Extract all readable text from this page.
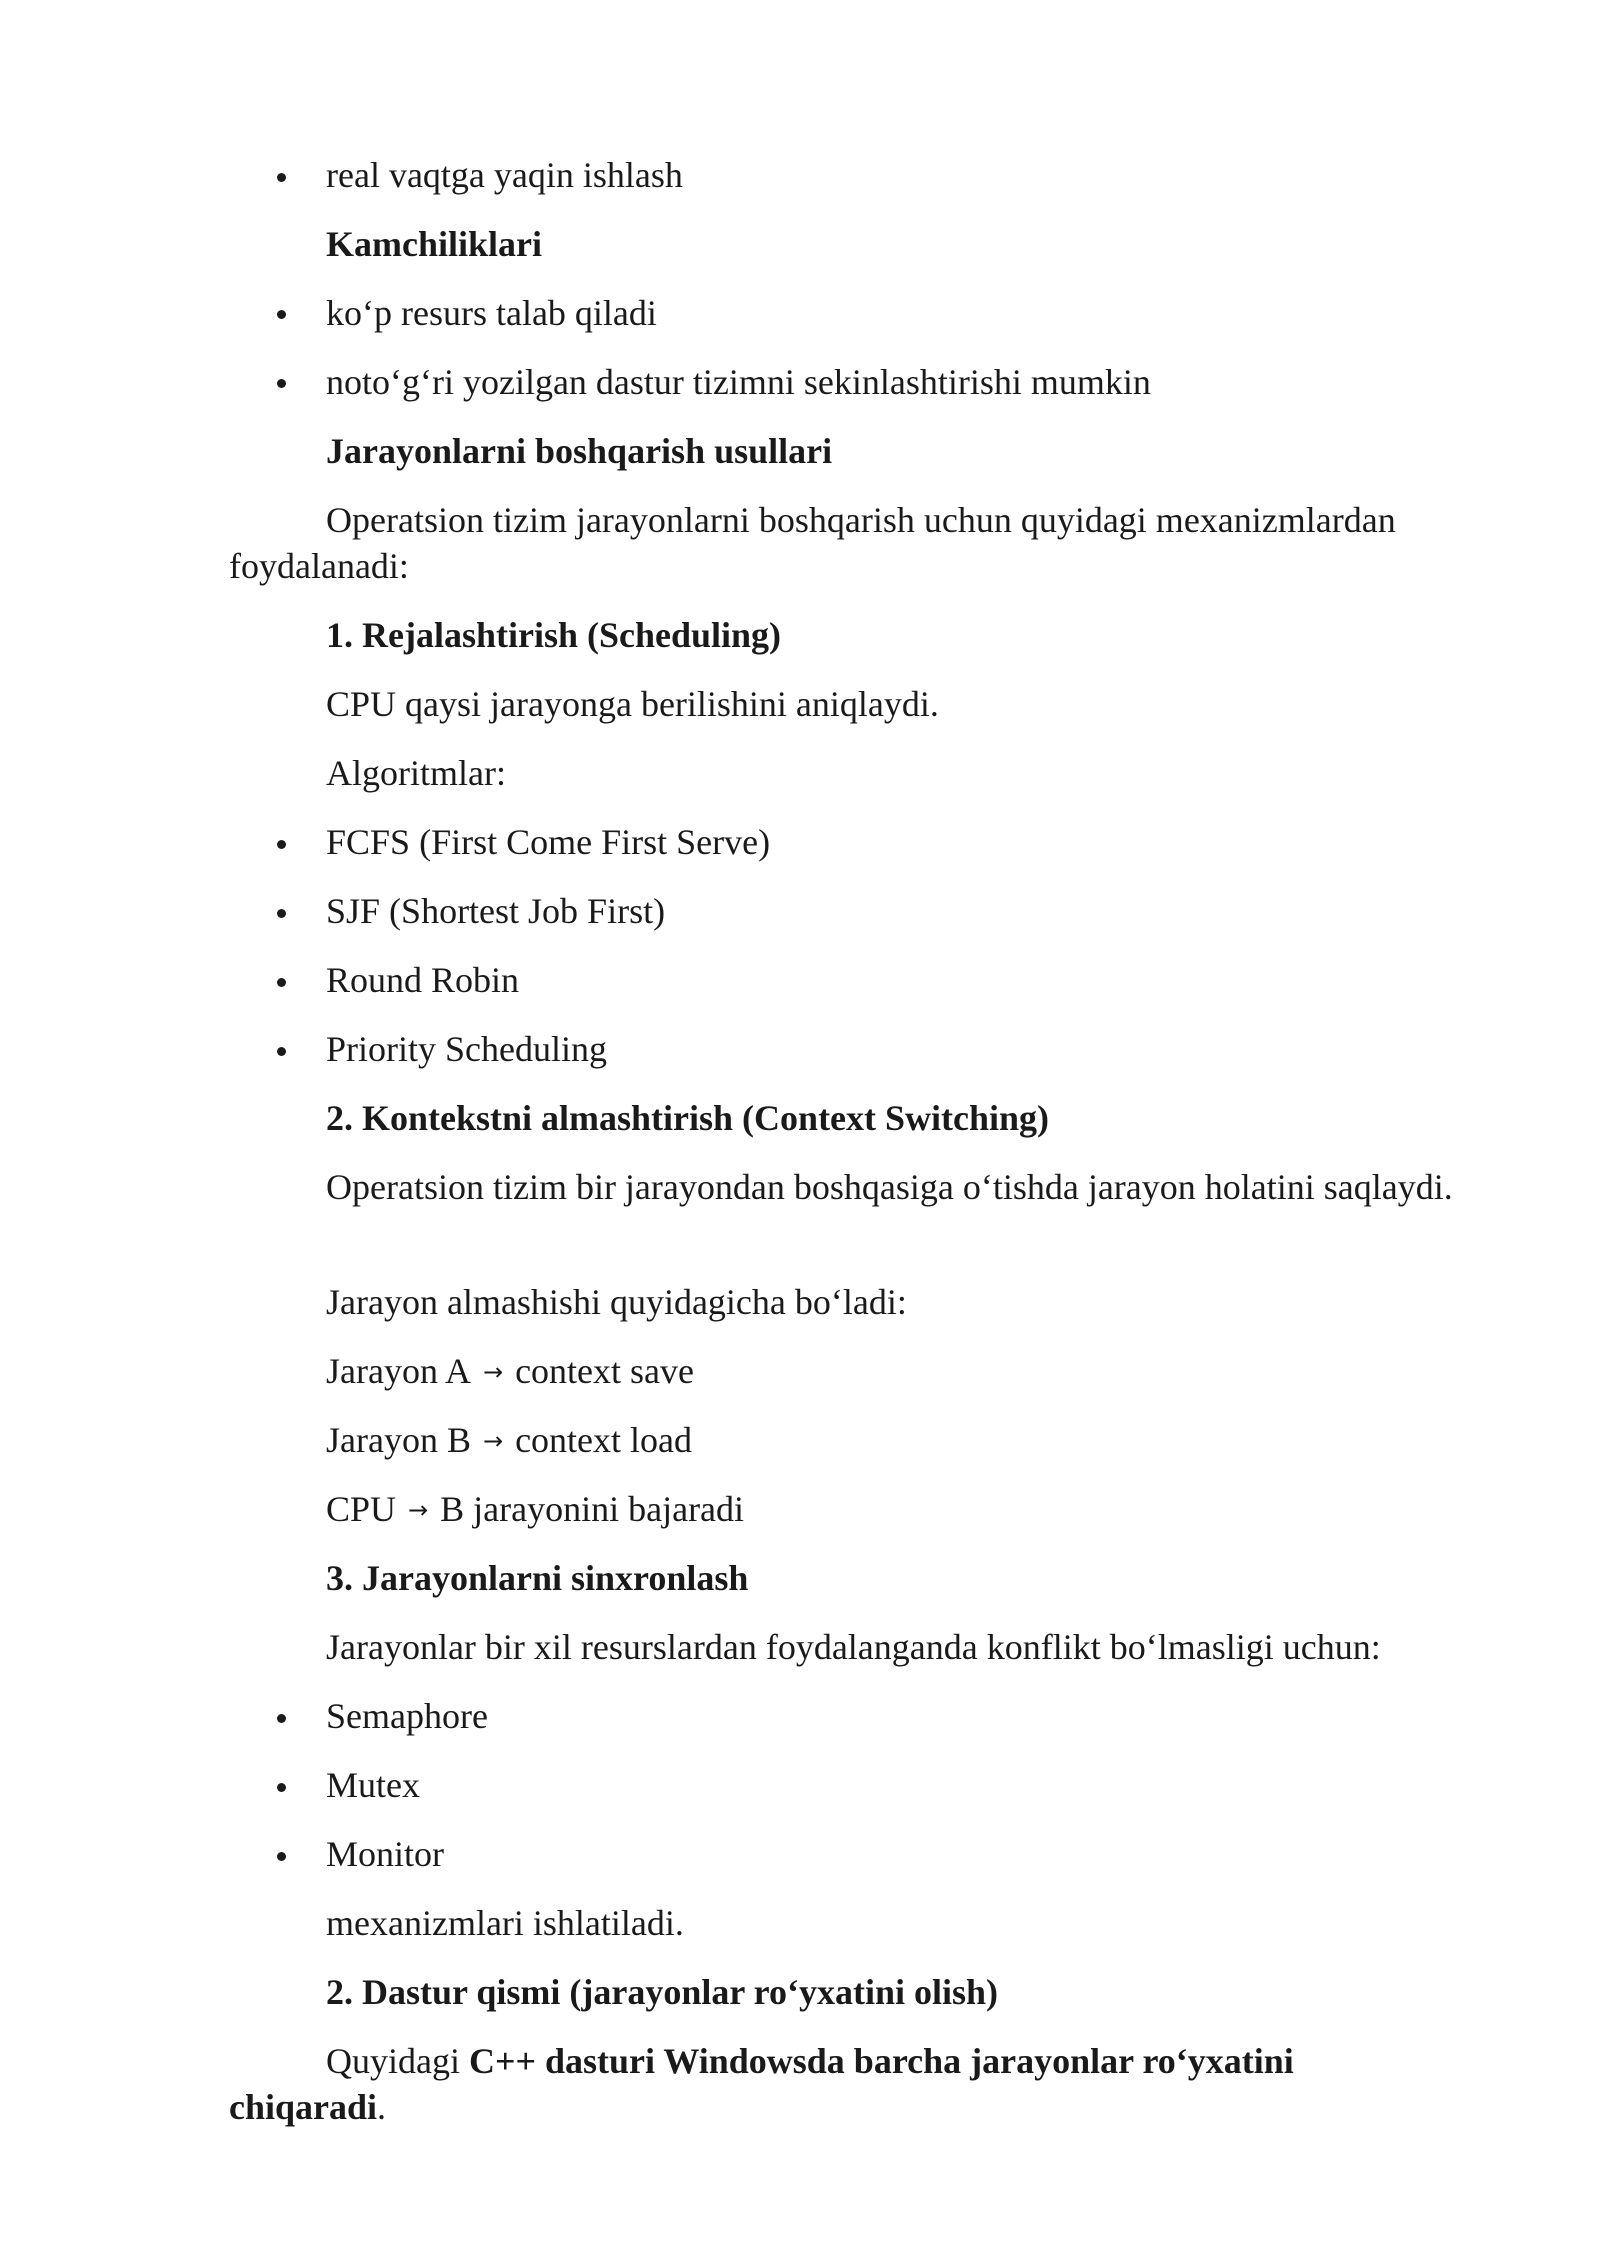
real vaqtga yaqin ishlash

Kamchiliklari

ko‘p resurs talab qiladi

noto‘g‘ri yozilgan dastur tizimni sekinlashtirishi mumkin

Jarayonlarni boshqarish usullari

Operatsion tizim jarayonlarni boshqarish uchun quyidagi mexanizmlardan foydalanadi:

1. Rejalashtirish (Scheduling)

CPU qaysi jarayonga berilishini aniqlaydi.

Algoritmlar:

FCFS (First Come First Serve)

SJF (Shortest Job First)

Round Robin

Priority Scheduling

2. Kontekstni almashtirish (Context Switching)

Operatsion tizim bir jarayondan boshqasiga o‘tishda jarayon holatini saqlaydi.

Jarayon almashishi quyidagicha bo‘ladi:

Jarayon A → context save

Jarayon B → context load

CPU → B jarayonini bajaradi

3. Jarayonlarni sinxronlash

Jarayonlar bir xil resurslardan foydalanganda konflikt bo‘lmasligi uchun:

Semaphore

Mutex

Monitor

mexanizmlari ishlatiladi.

2. Dastur qismi (jarayonlar ro‘yxatini olish)

Quyidagi C++ dasturi Windowsda barcha jarayonlar ro‘yxatini chiqaradi.
